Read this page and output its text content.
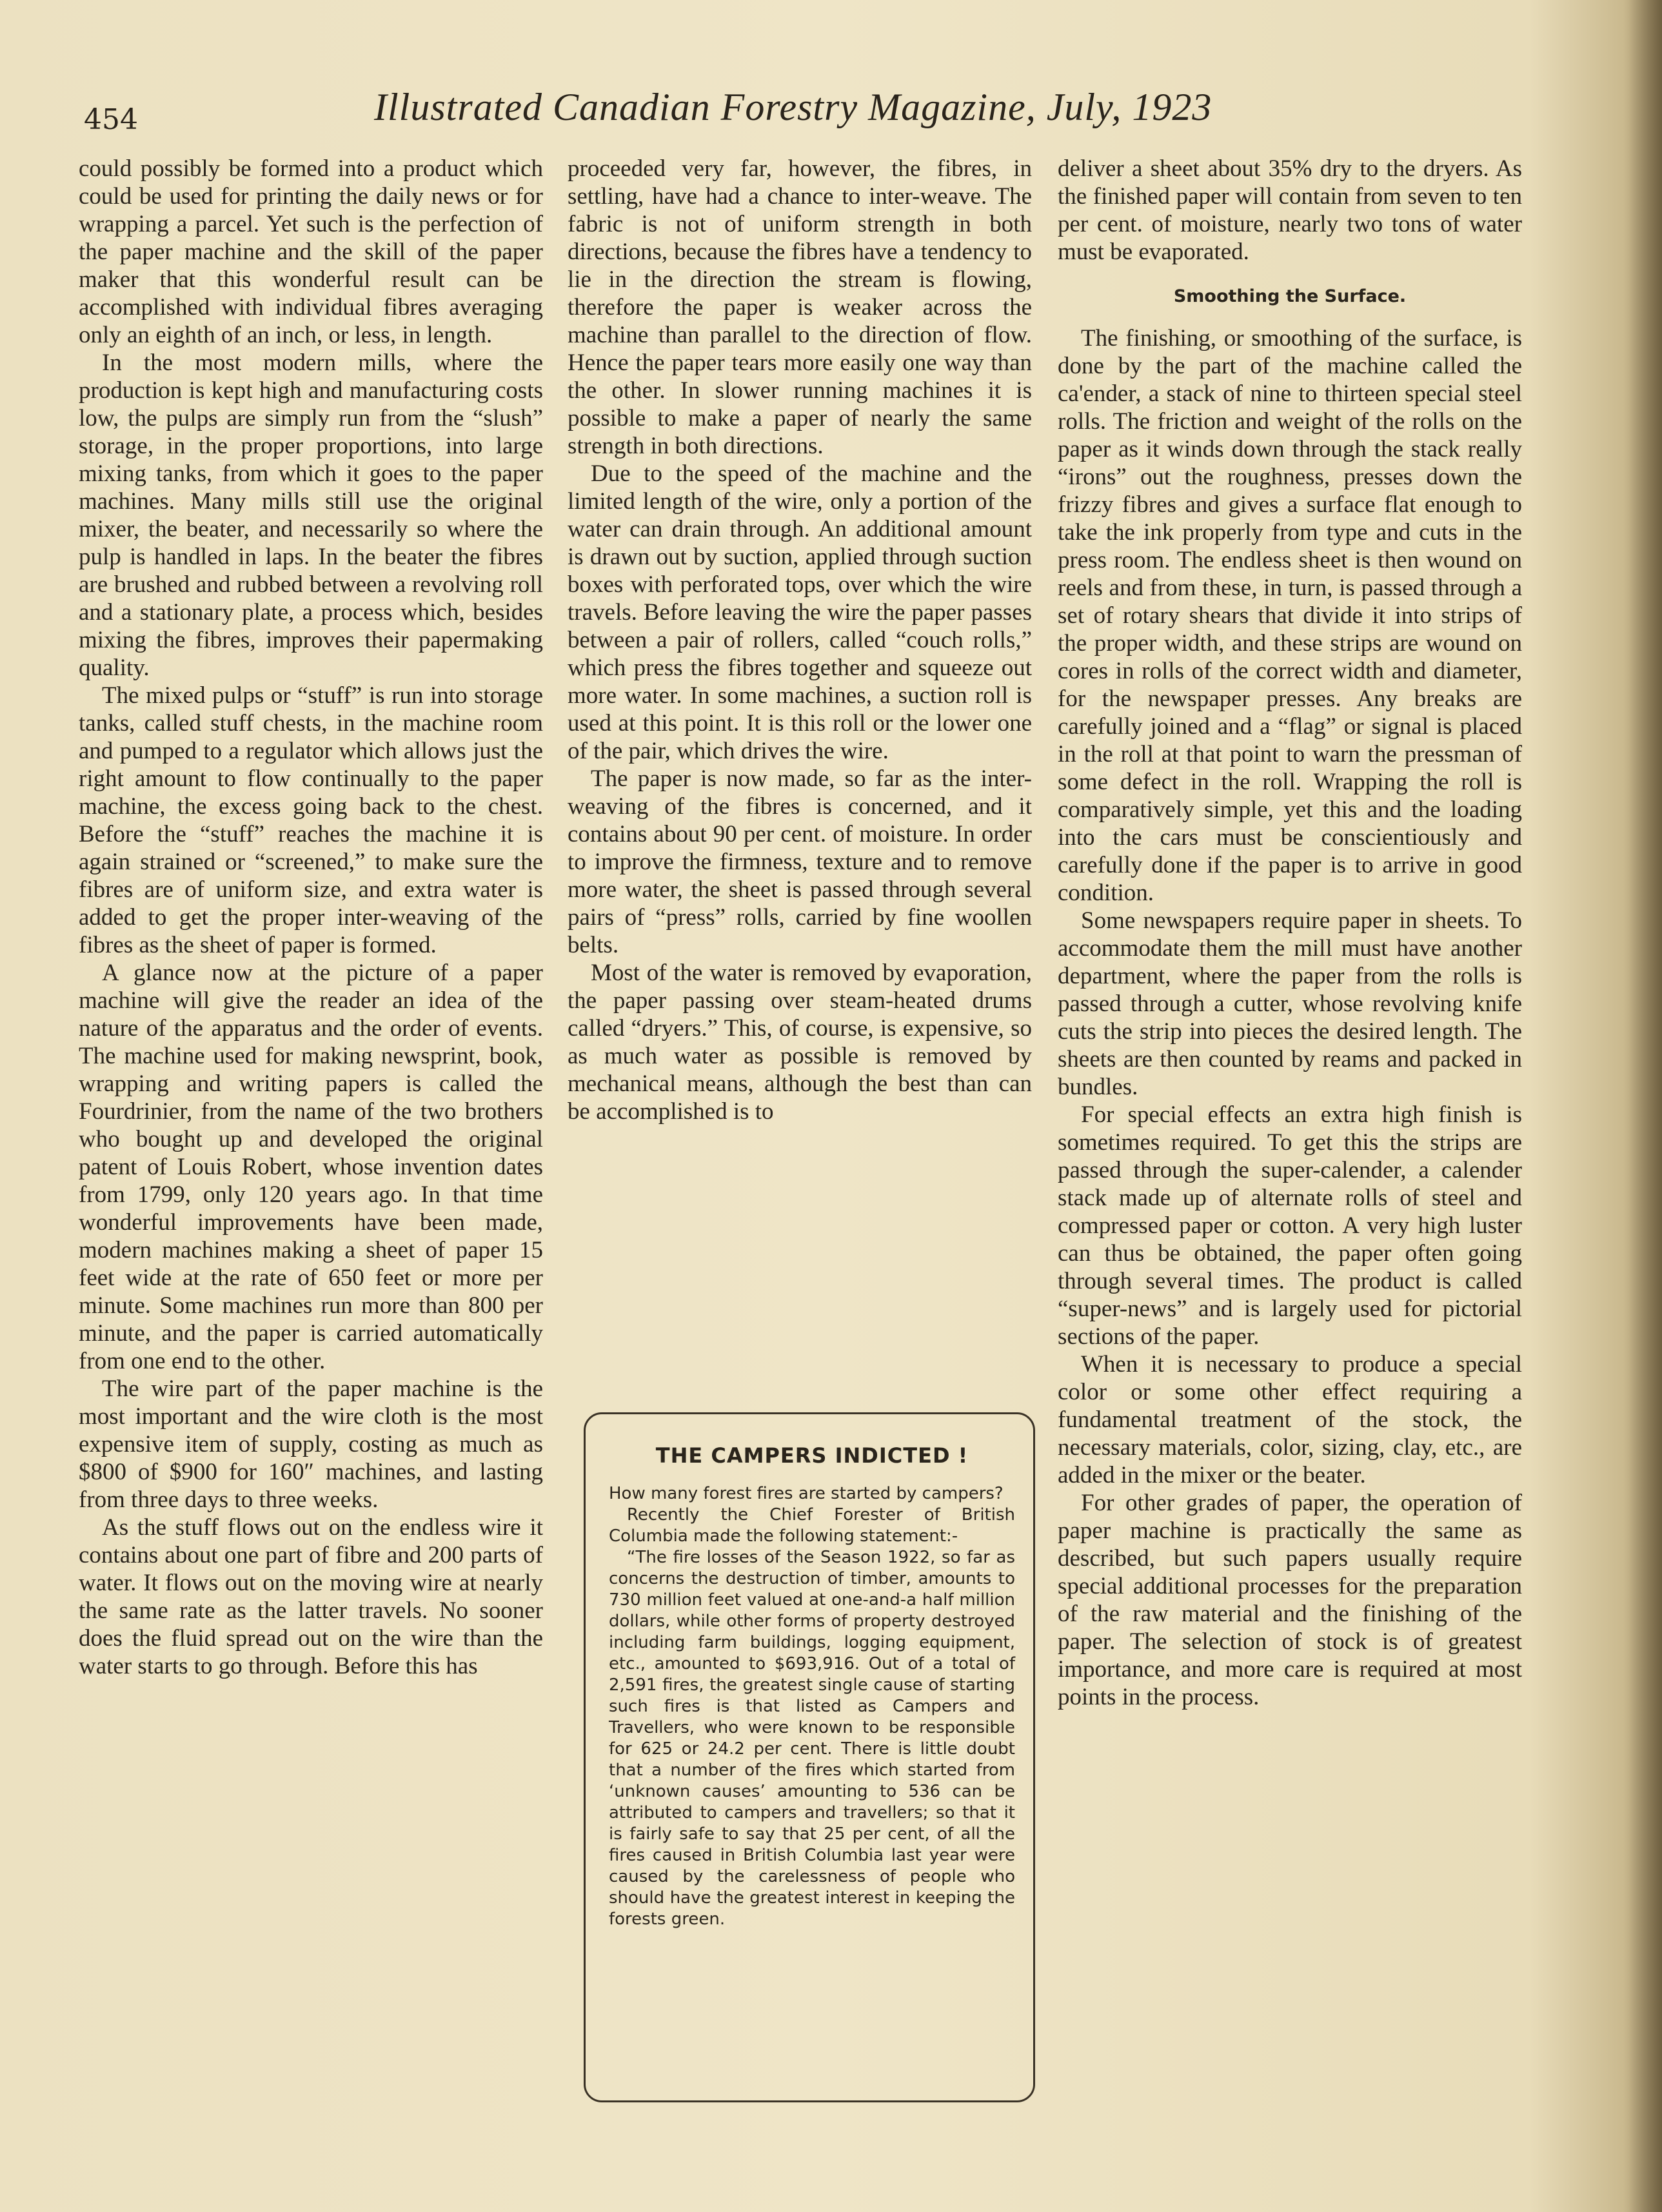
454	Illustrated Canadian Forestry Magazine, July, 1923

could possibly be formed into a product which could be used for printing the daily news or for wrapping a parcel. Yet such is the perfection of the paper machine and the skill of the paper maker that this wonderful result can be accomplished with individual fibres averaging only an eighth of an inch, or less, in length.

In the most modern mills, where the production is kept high and manufacturing costs low, the pulps are simply run from the “slush” storage, in the proper proportions, into large mixing tanks, from which it goes to the paper machines. Many mills still use the original mixer, the beater, and necessarily so where the pulp is handled in laps. In the beater the fibres are brushed and rubbed between a revolving roll and a stationary plate, a process which, besides mixing the fibres, improves their papermaking quality.

The mixed pulps or “stuff” is run into storage tanks, called stuff chests, in the machine room and pumped to a regulator which allows just the right amount to flow continually to the paper machine, the excess going back to the chest. Before the “stuff” reaches the machine it is again strained or “screened,” to make sure the fibres are of uniform size, and extra water is added to get the proper inter-weaving of the fibres as the sheet of paper is formed.

A glance now at the picture of a paper machine will give the reader an idea of the nature of the apparatus and the order of events. The machine used for making newsprint, book, wrapping and writing papers is called the Fourdrinier, from the name of the two brothers who bought up and developed the original patent of Louis Robert, whose invention dates from 1799, only 120 years ago. In that time wonderful improvements have been made, modern machines making a sheet of paper 15 feet wide at the rate of 650 feet or more per minute. Some machines run more than 800 per minute, and the paper is carried automatically from one end to the other.

The wire part of the paper machine is the most important and the wire cloth is the most expensive item of supply, costing as much as $800 of $900 for 160″ machines, and lasting from three days to three weeks.

As the stuff flows out on the endless wire it contains about one part of fibre and 200 parts of water. It flows out on the moving wire at nearly the same rate as the latter travels. No sooner does the fluid spread out on the wire than the water starts to go through. Before this has

proceeded very far, however, the fibres, in settling, have had a chance to inter-weave. The fabric is not of uniform strength in both directions, because the fibres have a tendency to lie in the direction the stream is flowing, therefore the paper is weaker across the machine than parallel to the direction of flow. Hence the paper tears more easily one way than the other. In slower running machines it is possible to make a paper of nearly the same strength in both directions.

Due to the speed of the machine and the limited length of the wire, only a portion of the water can drain through. An additional amount is drawn out by suction, applied through suction boxes with perforated tops, over which the wire travels. Before leaving the wire the paper passes between a pair of rollers, called “couch rolls,” which press the fibres together and squeeze out more water. In some machines, a suction roll is used at this point. It is this roll or the lower one of the pair, which drives the wire.

The paper is now made, so far as the inter-weaving of the fibres is concerned, and it contains about 90 per cent. of moisture. In order to improve the firmness, texture and to remove more water, the sheet is passed through several pairs of “press” rolls, carried by fine woollen belts.

Most of the water is removed by evaporation, the paper passing over steam-heated drums called “dryers.” This, of course, is expensive, so as much water as possible is removed by mechanical means, although the best than can be accomplished is to

THE CAMPERS INDICTED !

How many forest fires are started by campers?

Recently the Chief Forester of British Columbia made the following statement:-

“The fire losses of the Season 1922, so far as concerns the destruction of timber, amounts to 730 million feet valued at one-and-a half million dollars, while other forms of property destroyed including farm buildings, logging equipment, etc., amounted to $693,916. Out of a total of 2,591 fires, the greatest single cause of starting such fires is that listed as Campers and Travellers, who were known to be responsible for 625 or 24.2 per cent. There is little doubt that a number of the fires which started from ‘unknown causes’ amounting to 536 can be attributed to campers and travellers; so that it is fairly safe to say that 25 per cent, of all the fires caused in British Columbia last year were caused by the carelessness of people who should have the greatest interest in keeping the forests green.

deliver a sheet about 35% dry to the dryers. As the finished paper will contain from seven to ten per cent. of moisture, nearly two tons of water must be evaporated.

Smoothing the Surface.

The finishing, or smoothing of the surface, is done by the part of the machine called the ca'ender, a stack of nine to thirteen special steel rolls. The friction and weight of the rolls on the paper as it winds down through the stack really “irons” out the roughness, presses down the frizzy fibres and gives a surface flat enough to take the ink properly from type and cuts in the press room. The endless sheet is then wound on reels and from these, in turn, is passed through a set of rotary shears that divide it into strips of the proper width, and these strips are wound on cores in rolls of the correct width and diameter, for the newspaper presses. Any breaks are carefully joined and a “flag” or signal is placed in the roll at that point to warn the pressman of some defect in the roll. Wrapping the roll is comparatively simple, yet this and the loading into the cars must be conscientiously and carefully done if the paper is to arrive in good condition.

Some newspapers require paper in sheets. To accommodate them the mill must have another department, where the paper from the rolls is passed through a cutter, whose revolving knife cuts the strip into pieces the desired length. The sheets are then counted by reams and packed in bundles.

For special effects an extra high finish is sometimes required. To get this the strips are passed through the super-calender, a calender stack made up of alternate rolls of steel and compressed paper or cotton. A very high luster can thus be obtained, the paper often going through several times. The product is called “super-news” and is largely used for pictorial sections of the paper.

When it is necessary to produce a special color or some other effect requiring a fundamental treatment of the stock, the necessary materials, color, sizing, clay, etc., are added in the mixer or the beater.

For other grades of paper, the operation of paper machine is practically the same as described, but such papers usually require special additional processes for the preparation of the raw material and the finishing of the paper. The selection of stock is of greatest importance, and more care is required at most points in the process.
